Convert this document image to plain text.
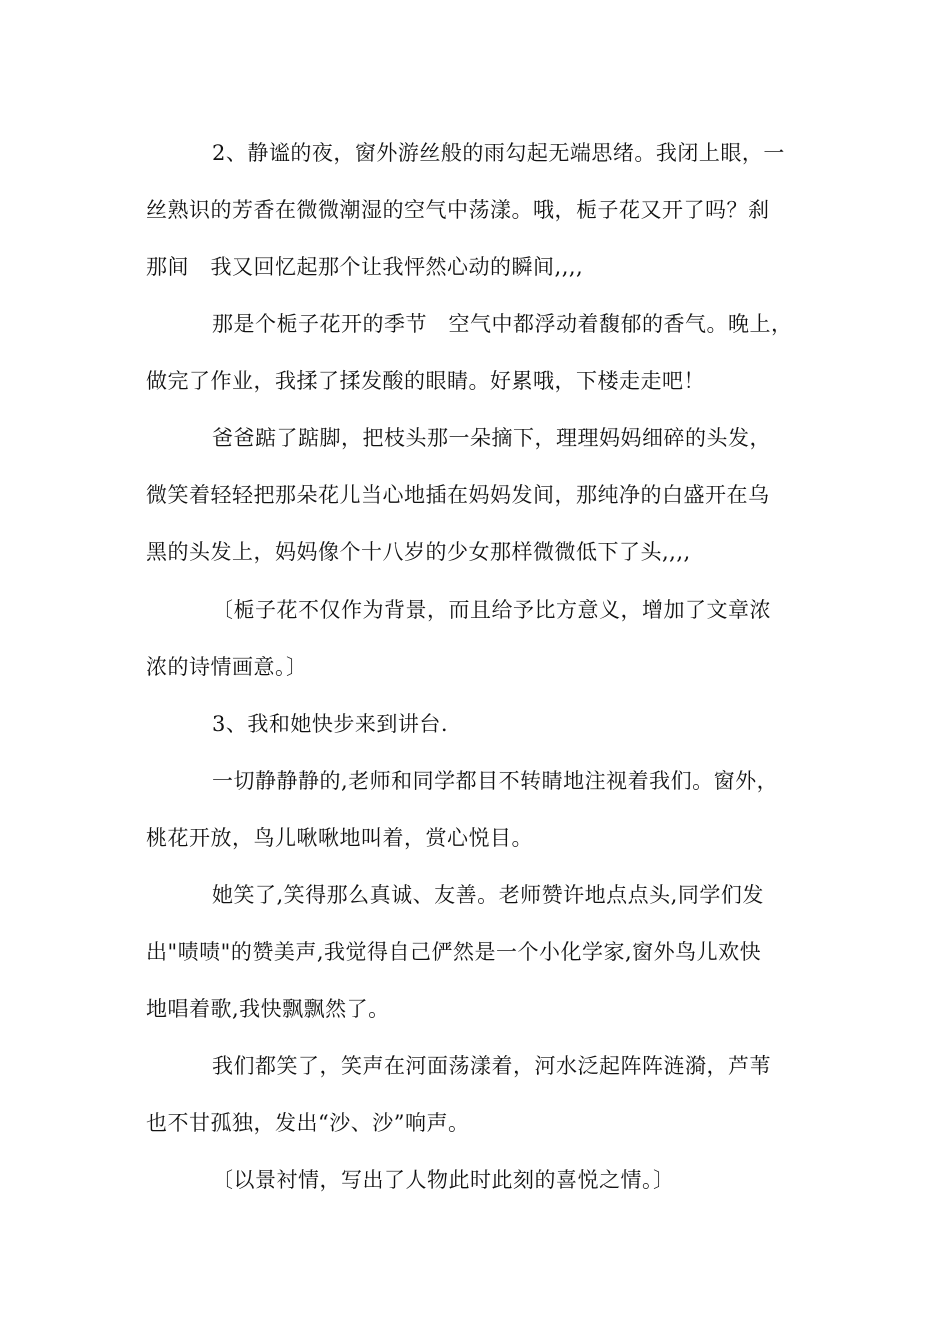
2、静谧的夜，窗外游丝般的雨勾起无端思绪。我闭上眼，一
丝熟识的芳香在微微潮湿的空气中荡漾。哦，栀子花又开了吗？刹
那间   我又回忆起那个让我怦然心动的瞬间,,,,
那是个栀子花开的季节   空气中都浮动着馥郁的香气。晚上，
做完了作业，我揉了揉发酸的眼睛。好累哦，下楼走走吧！
爸爸踮了踮脚，把枝头那一朵摘下，理理妈妈细碎的头发，
微笑着轻轻把那朵花儿当心地插在妈妈发间，那纯净的白盛开在乌
黑的头发上，妈妈像个十八岁的少女那样微微低下了头,,,,
〔栀子花不仅作为背景，而且给予比方意义，增加了文章浓
浓的诗情画意。〕
3、我和她快步来到讲台.
一切静静静的,老师和同学都目不转睛地注视着我们。窗外，
桃花开放，鸟儿啾啾地叫着，赏心悦目。
她笑了,笑得那么真诚、友善。老师赞许地点点头,同学们发
出"啧啧"的赞美声,我觉得自己俨然是一个小化学家,窗外鸟儿欢快
地唱着歌,我快飘飘然了。
我们都笑了，笑声在河面荡漾着，河水泛起阵阵涟漪，芦苇
也不甘孤独，发出“沙、沙”响声。
〔以景衬情，写出了人物此时此刻的喜悦之情。〕
